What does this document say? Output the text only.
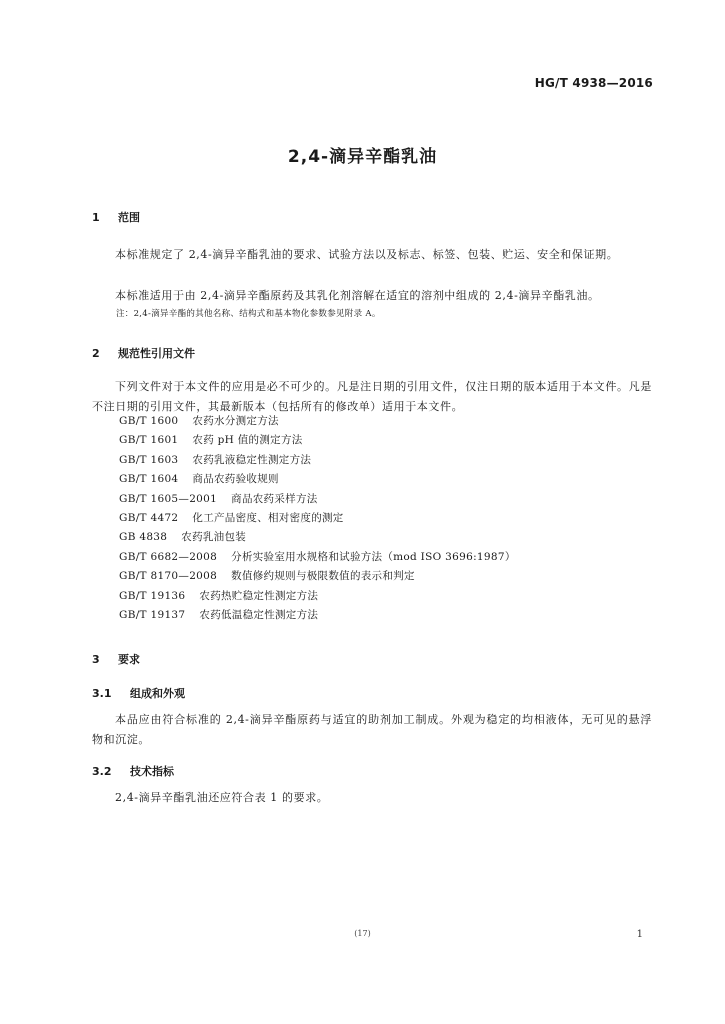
HG/T 4938—2016
2,4-滴异辛酯乳油
1 范围
本标准规定了 2,4-滴异辛酯乳油的要求、试验方法以及标志、标签、包装、贮运、安全和保证期。
本标准适用于由 2,4-滴异辛酯原药及其乳化剂溶解在适宜的溶剂中组成的 2,4-滴异辛酯乳油。
注：2,4-滴异辛酯的其他名称、结构式和基本物化参数参见附录 A。
2 规范性引用文件
下列文件对于本文件的应用是必不可少的。凡是注日期的引用文件，仅注日期的版本适用于本文件。凡是不注日期的引用文件，其最新版本（包括所有的修改单）适用于本文件。
GB/T 1600 农药水分测定方法
GB/T 1601 农药 pH 值的测定方法
GB/T 1603 农药乳液稳定性测定方法
GB/T 1604 商品农药验收规则
GB/T 1605—2001 商品农药采样方法
GB/T 4472 化工产品密度、相对密度的测定
GB 4838 农药乳油包装
GB/T 6682—2008 分析实验室用水规格和试验方法（mod ISO 3696:1987）
GB/T 8170—2008 数值修约规则与极限数值的表示和判定
GB/T 19136 农药热贮稳定性测定方法
GB/T 19137 农药低温稳定性测定方法
3 要求
3.1 组成和外观
本品应由符合标准的 2,4-滴异辛酯原药与适宜的助剂加工制成。外观为稳定的均相液体，无可见的悬浮物和沉淀。
3.2 技术指标
2,4-滴异辛酯乳油还应符合表 1 的要求。
(17)	1
